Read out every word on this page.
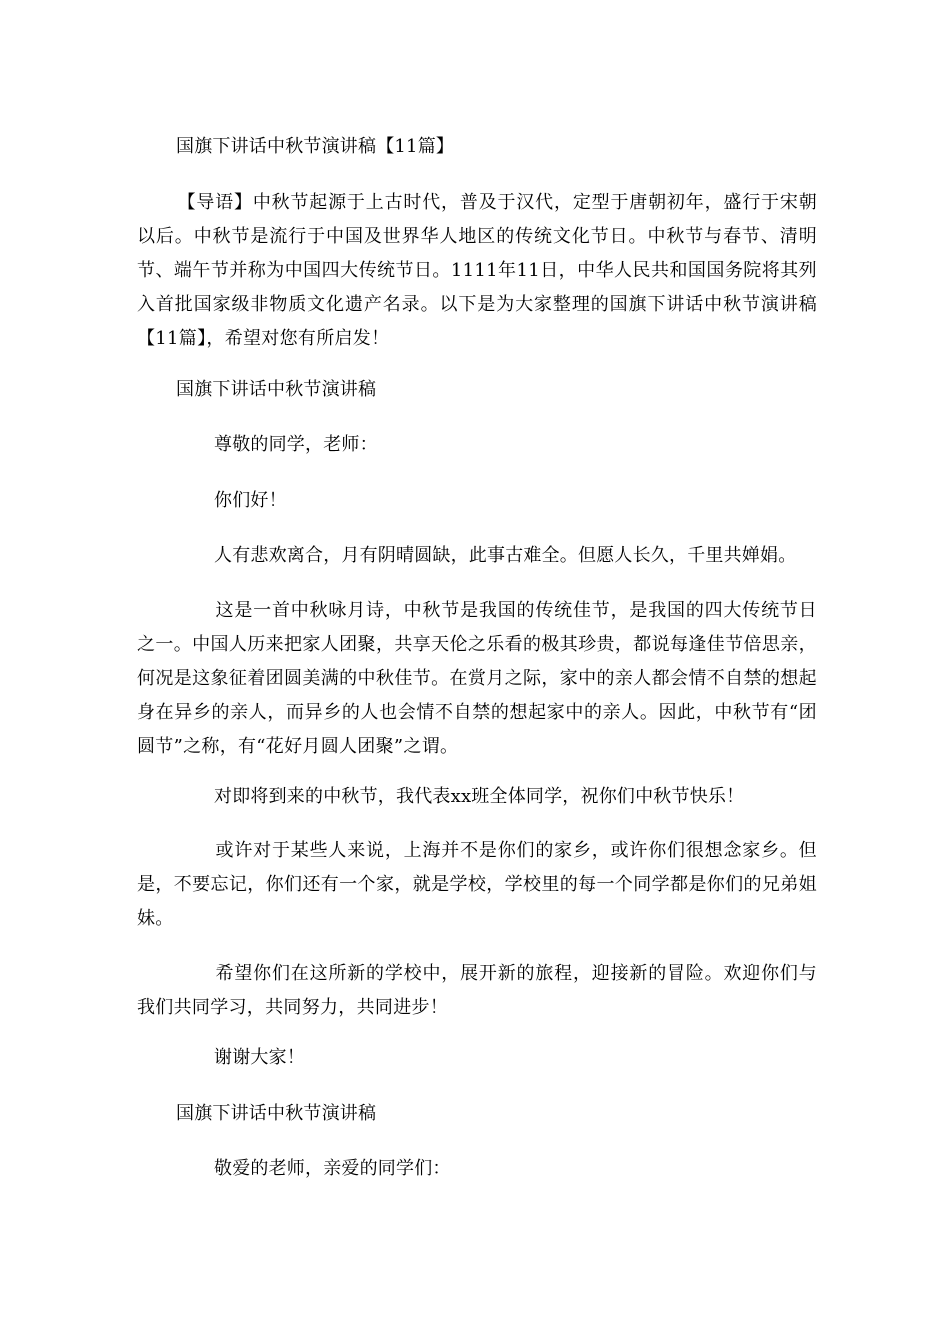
国旗下讲话中秋节演讲稿【11篇】
【导语】中秋节起源于上古时代，普及于汉代，定型于唐朝初年，盛行于宋朝以后。中秋节是流行于中国及世界华人地区的传统文化节日。中秋节与春节、清明节、端午节并称为中国四大传统节日。1111年11日，中华人民共和国国务院将其列入首批国家级非物质文化遗产名录。以下是为大家整理的国旗下讲话中秋节演讲稿【11篇】，希望对您有所启发！
国旗下讲话中秋节演讲稿
尊敬的同学，老师：
你们好！
人有悲欢离合，月有阴晴圆缺，此事古难全。但愿人长久，千里共婵娟。
这是一首中秋咏月诗，中秋节是我国的传统佳节，是我国的四大传统节日之一。中国人历来把家人团聚，共享天伦之乐看的极其珍贵，都说每逢佳节倍思亲，何况是这象征着团圆美满的中秋佳节。在赏月之际，家中的亲人都会情不自禁的想起身在异乡的亲人，而异乡的人也会情不自禁的想起家中的亲人。因此，中秋节有“团圆节”之称，有“花好月圆人团聚”之谓。
对即将到来的中秋节，我代表xx班全体同学，祝你们中秋节快乐！
或许对于某些人来说，上海并不是你们的家乡，或许你们很想念家乡。但是，不要忘记，你们还有一个家，就是学校，学校里的每一个同学都是你们的兄弟姐妹。
希望你们在这所新的学校中，展开新的旅程，迎接新的冒险。欢迎你们与我们共同学习，共同努力，共同进步！
谢谢大家！
国旗下讲话中秋节演讲稿
敬爱的老师，亲爱的同学们：
